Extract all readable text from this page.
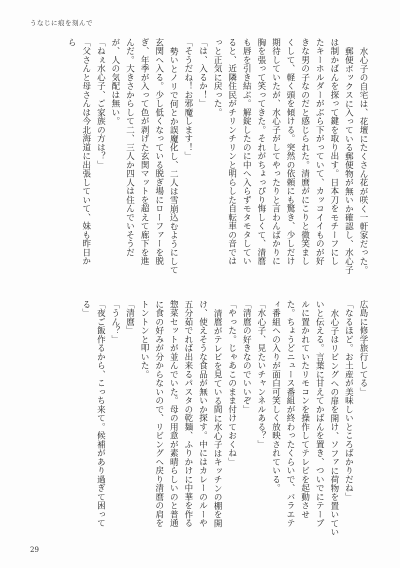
うなじに痕を刻んで

水心子の自宅は、花壇にたくさん花が咲く一軒家だった。

郵便ボックスに入っている郵便物が無いか確認し、水心子は制かばんを探って鍵を取り出す。日本刀をモチーフにしたキーホルダーがぶら下がっていて、カッコイイものが好きな男の子なのだと感じられた。清麿がにこりと微笑ましくして、軽く頭を傾ける。突然の依頼にも驚き、少しだけ期待していたが、水心子がしてやったりと言わんばかりに胸を張って笑ってきた。それがちょっぴり悔しくて、清麿も唇を引き結ぶ。解錠したのに中へ入らずモタモタしていると、近隣住民がチリンチリンと明らした自転車の音ではっと正気に戻った。

「は、入るか！」

「そうだね！お邪魔します！」

勢いとノリで何とか誤魔化し、二人は雪崩込むようにして玄関へ入る。少し低くなっている脱ぎ場にローファーを脱ぎ、年季が入って色が剥げた玄関マットを超えて廊下を進んだ。大きさからして二、三人か四人は住んでいそうだが、人の気配は無い。

「ねぇ水心子、ご家族の方は？」

「父さんと母さんは今北海道に出張していて、妹も昨日から

広島に修学旅行してる」

「なるほど。お土産が美味しいところばかりだね」

水心子はリビングへの扉を開け、ソファに荷物を置いていいと伝える。言葉に甘えてかばんを置き、ついでにテーブルに置かれていたリモコンを操作してテレビを起動させた。ちょうどニュース番組が終わったくらいで、バラエティ番組への入りが面白可笑しく放映されている。

「水心子、見たいチャンネルある？」

「清麿の好きなのでいいぞ」

「やった。じゃあこのまま付けておくね」

清麿がテレビを見ている間に水心子はキッチンの棚を開け、使えそうな食品が無いか探す。中にはカレーのルーや五分茹でれば出来るパスタの乾麺、ふりかけに中華を作る惣菜セットが並んでいた。母の用意が素晴らしいのと普通に食の好みが分からないので、リビングへ戻り清麿の肩をトントンと叩いた。

「清麿」

「うん？」

「夜ご飯作るから、こっち来て。候補があり過ぎて困ってる」

29
